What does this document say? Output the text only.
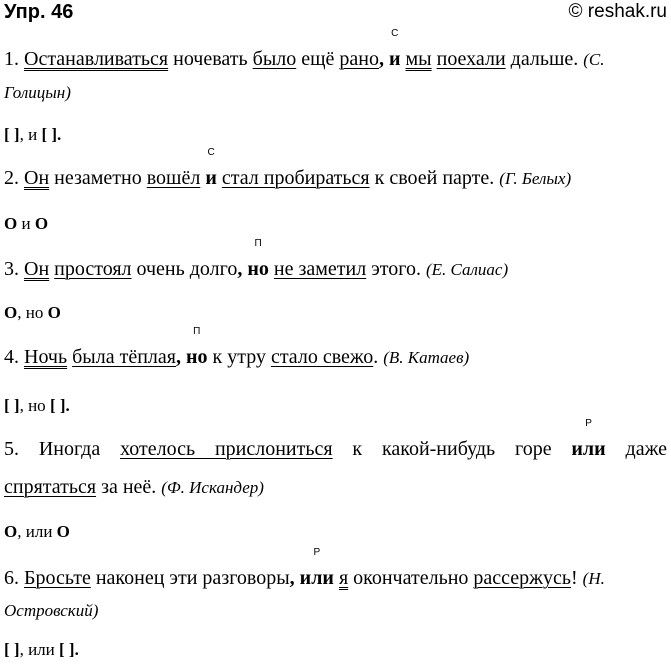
Упр. 46	© reshak.ru
1. Останавливаться ночевать было ещё рано,
С
и мы поехали дальше. (С.
Голицын)
[ ], и [ ].
2. Он незаметно вошёл
С
и стал пробираться к своей парте. (Г. Белых)
О и О
3. Он простоял очень долго,
П
но не заметил этого. (Е. Салиас)
О, но О
4. Ночь была тёплая,
П
но к утру стало свежо. (В. Катаев)
[ ], но [ ].
5. Иногда хотелось прислониться к какой-нибудь горе
Р
или даже
спрятаться за неё. (Ф. Искандер)
О, или О
6. Бросьте наконец эти разговоры,
Р
или я окончательно рассержусь! (Н.
Островский)
[ ], или [ ].
